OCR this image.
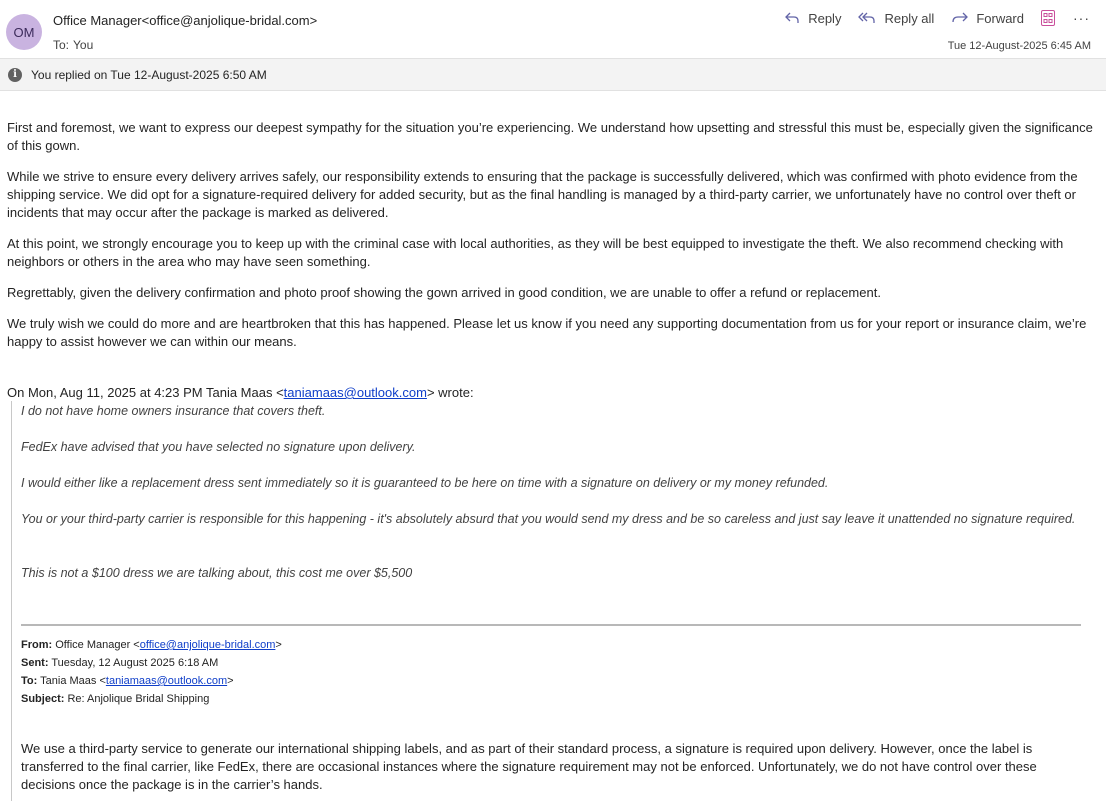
OM
Office Manager<office@anjolique-bridal.com>
To: You
Reply	Reply all	Forward	···
Tue 12-August-2025 6:45 AM
i	You replied on Tue 12-August-2025 6:50 AM

First and foremost, we want to express our deepest sympathy for the situation you’re experiencing. We understand how upsetting and stressful this must be, especially given the significance of this gown.

While we strive to ensure every delivery arrives safely, our responsibility extends to ensuring that the package is successfully delivered, which was confirmed with photo evidence from the shipping service. We did opt for a signature-required delivery for added security, but as the final handling is managed by a third-party carrier, we unfortunately have no control over theft or incidents that may occur after the package is marked as delivered.

At this point, we strongly encourage you to keep up with the criminal case with local authorities, as they will be best equipped to investigate the theft. We also recommend checking with neighbors or others in the area who may have seen something.

Regrettably, given the delivery confirmation and photo proof showing the gown arrived in good condition, we are unable to offer a refund or replacement.

We truly wish we could do more and are heartbroken that this has happened. Please let us know if you need any supporting documentation from us for your report or insurance claim, we’re happy to assist however we can within our means.

On Mon, Aug 11, 2025 at 4:23 PM Tania Maas <taniamaas@outlook.com> wrote:
I do not have home owners insurance that covers theft.
FedEx have advised that you have selected no signature upon delivery.
I would either like a replacement dress sent immediately so it is guaranteed to be here on time with a signature on delivery or my money refunded.
You or your third-party carrier is responsible for this happening - it's absolutely absurd that you would send my dress and be so careless and just say leave it unattended no signature required.
This is not a $100 dress we are talking about, this cost me over $5,500
From: Office Manager <office@anjolique-bridal.com>
Sent: Tuesday, 12 August 2025 6:18 AM
To: Tania Maas <taniamaas@outlook.com>
Subject: Re: Anjolique Bridal Shipping
We use a third-party service to generate our international shipping labels, and as part of their standard process, a signature is required upon delivery. However, once the label is transferred to the final carrier, like FedEx, there are occasional instances where the signature requirement may not be enforced. Unfortunately, we do not have control over these decisions once the package is in the carrier’s hands.
